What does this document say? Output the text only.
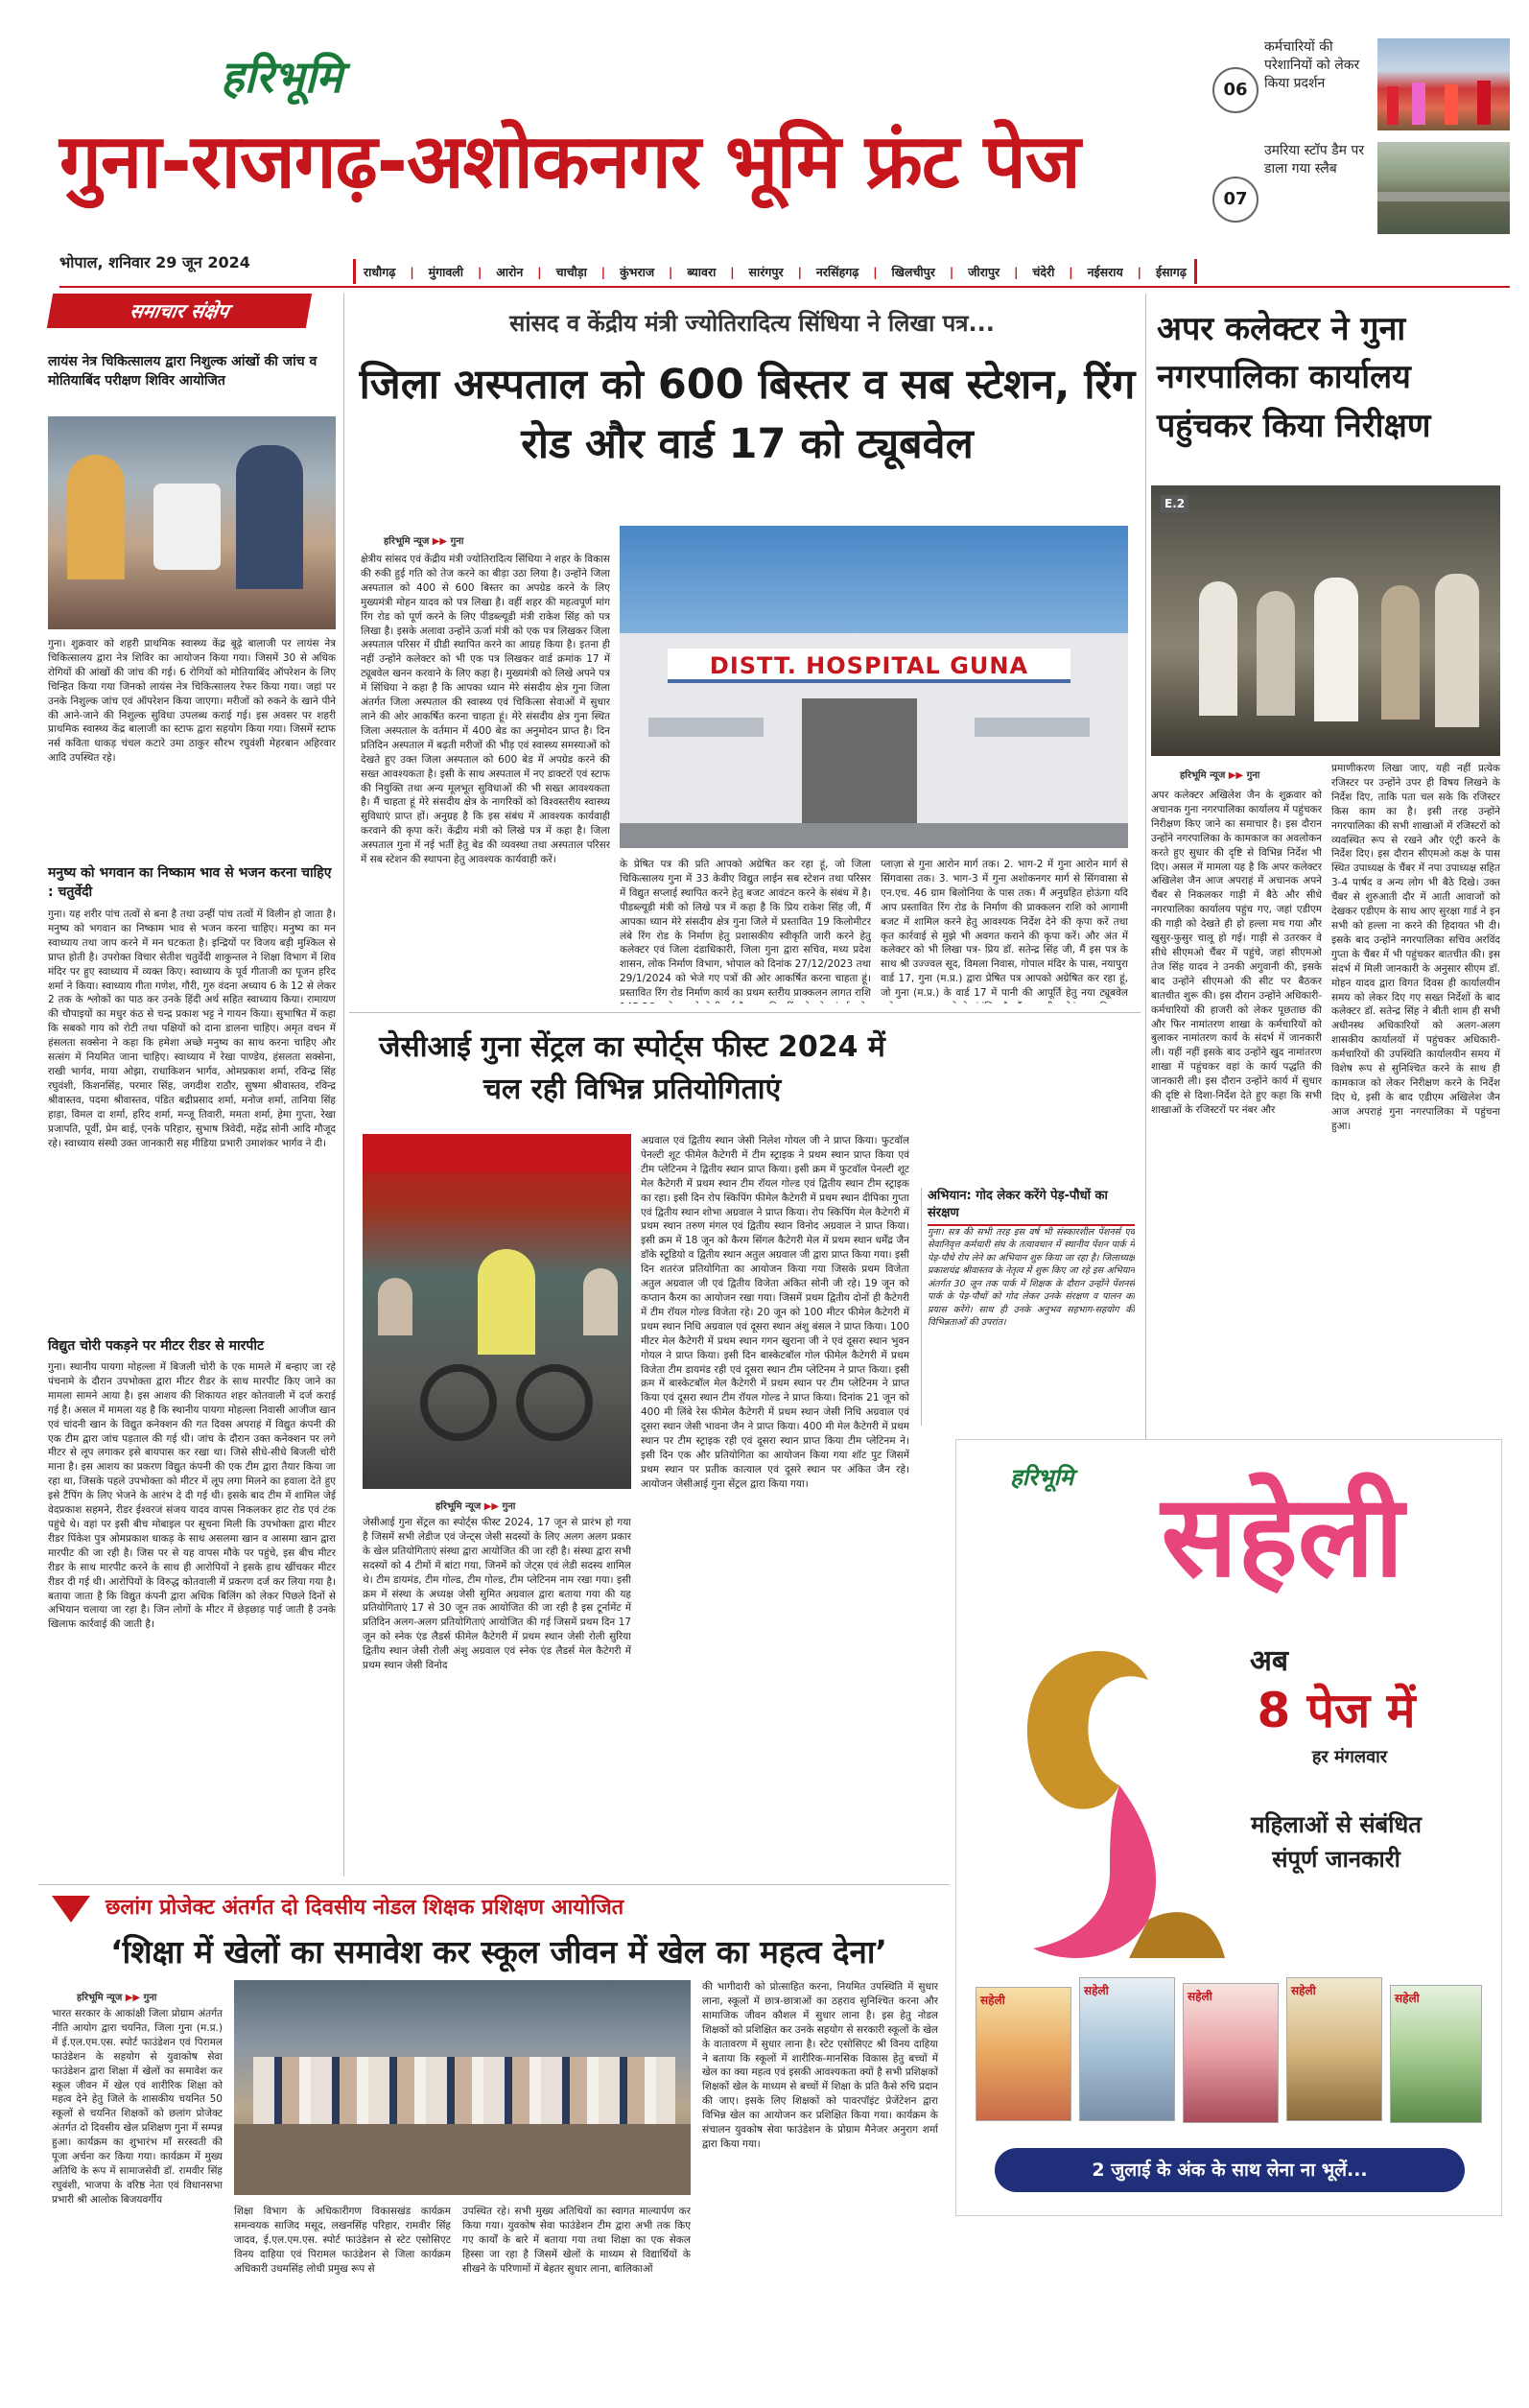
हरिभूमि
गुना-राजगढ़-अशोकनगर भूमि फ्रंट पेज
भोपाल, शनिवार 29 जून 2024
06
कर्मचारियों की परेशानियों को लेकर किया प्रदर्शन
07
उमरिया स्टॉप डैम पर डाला गया स्लैब
राधौगढ़ | मुंगावली | आरोन | चाचौड़ा | कुंभराज | ब्यावरा | सारंगपुर | नरसिंहगढ़ | खिलचीपुर | जीरापुर | चंदेरी | नईसराय | ईसागढ़
समाचार संक्षेप
लायंस नेत्र चिकित्सालय द्वारा निशुल्क आंखों की जांच व मोतियाबिंद परीक्षण शिविर आयोजित
गुना। शुक्रवार को शहरी प्राथमिक स्वास्थ्य केंद्र बूढ़े बालाजी पर लायंस नेत्र चिकित्सालय द्वारा नेत्र शिविर का आयोजन किया गया। जिसमें 30 से अधिक रोगियों की आंखों की जांच की गई। 6 रोगियों को मोतियाबिंद ऑपरेशन के लिए चिन्हित किया गया जिनको लायंस नेत्र चिकित्सालय रेफर किया गया। जहां पर उनके निशुल्क जांच एवं ऑपरेशन किया जाएगा। मरीजों को रुकने के खाने पीने की आने-जाने की निशुल्क सुविधा उपलब्ध कराई गई। इस अवसर पर शहरी प्राथमिक स्वास्थ्य केंद्र बालाजी का स्टाफ द्वारा सहयोग किया गया। जिसमें स्टाफ नर्स कविता धाकड़ चंचल कटारे उमा ठाकुर सौरभ रघुवंशी मेहरबान अहिरवार आदि उपस्थित रहे।
मनुष्य को भगवान का निष्काम भाव से भजन करना चाहिए : चतुर्वेदी
गुना। यह शरीर पांच तत्वों से बना है तथा उन्हीं पांच तत्वों में विलीन हो जाता है। मनुष्य को भगवान का निष्काम भाव से भजन करना चाहिए। मनुष्य का मन स्वाध्याय तथा जाप करने में मन घटकता है। इन्द्रियों पर विजय बड़ी मुश्किल से प्राप्त होती है। उपरोक्त विचार सेतीश चतुर्वेदी शाकुन्तल ने शिक्षा विभाग में शिव मंदिर पर हुए स्वाध्याय में व्यक्त किए। स्वाध्याय के पूर्व गीताजी का पूजन हरिद शर्मा ने किया। स्वाध्याय गीता गणेश, गौरी, गुरु वंदना अध्याय 6 के 12 से लेकर 2 तक के श्लोकों का पाठ कर उनके हिंदी अर्थ सहित स्वाध्याय किया। रामायण की चौपाइयों का मधुर कंठ से चन्द्र प्रकाश भट्ट ने गायन किया। सुभाषित में कहा कि सबको गाय को रोटी तथा पक्षियों को दाना डालना चाहिए। अमृत वचन में हंसलता सक्सेना ने कहा कि हमेशा अच्छे मनुष्य का साथ करना चाहिए और सत्संग में नियमित जाना चाहिए। स्वाध्याय में रेखा पाण्डेय, हंसलता सक्सेना, राखी भार्गव, माया ओझा, राधाकिशन भार्गव, ओमप्रकाश शर्मा, रविन्द्र सिंह रघुवंशी, किशनसिंह, परमार सिंह, जगदीश राठौर, सुषमा श्रीवास्तव, रविन्द्र श्रीवास्तव, पदमा श्रीवास्तव, पंडित बद्रीप्रसाद शर्मा, मनोज शर्मा, तानिया सिंह हाड़ा, विमल दा शर्मा, हरिद शर्मा, मन्जू तिवारी, ममता शर्मा, हेमा गुप्ता, रेखा प्रजापति, पूर्वी, प्रेम बाई, एनके परिहार, सुभाष त्रिवेदी, महेंद्र सोनी आदि मौजूद रहे। स्वाध्याय संस्थी उक्त जानकारी सह मीडिया प्रभारी उमाशंकर भार्गव ने दी।
विद्युत चोरी पकड़ने पर मीटर रीडर से मारपीट
गुना। स्थानीय पायगा मोहल्ला में बिजली चोरी के एक मामले में बन्हाए जा रहे पंचनामे के दौरान उपभोक्ता द्वारा मीटर रीडर के साथ मारपीट किए जाने का मामला सामने आया है। इस आशय की शिकायत शहर कोतवाली में दर्ज कराई गई है। असल में मामला यह है कि स्थानीय पायगा मोहल्ला निवासी आजीज खान एवं चांदनी खान के विद्युत कनेक्शन की गत दिवस अपराहं में विद्युत कंपनी की एक टीम द्वारा जांच पड़ताल की गई थी। जांच के दौरान उक्त कनेक्शन पर लगे मीटर से लूप लगाकर इसे बायपास कर रखा था। जिसे सीधे-सीधे बिजली चोरी माना है। इस आशय का प्रकरण विद्युत कंपनी की एक टीम द्वारा तैयार किया जा रहा था, जिसके पहले उपभोक्ता को मीटर में लूप लगा मिलने का हवाला देते हुए इसे टैंपिंग के लिए भेजने के आरंभ दे दी गई थी। इसके बाद टीम में शामिल जेई वेदप्रकाश सहमने, रीडर ईश्वरजं संजय यादव वापस निकलकर हाट रोड एवं टंक पहुंचे थे। वहां पर इसी बीच मोबाइल पर सूचना मिली कि उपभोक्ता द्वारा मीटर रीडर पिंकेश पुत्र ओमप्रकाश धाकड़ के साथ असलमा खान व आसमा खान द्वारा मारपीट की जा रही है। जिस पर से यह वापस मौके पर पहुंचे, इस बीच मीटर रीडर के साथ मारपीट करने के साथ ही आरोपियों ने इसके हाथ खींचकर मीटर रीडर दी गई थी। आरोपियों के विरुद्ध कोतवाली में प्रकरण दर्ज कर लिया गया है। बताया जाता है कि विद्युत कंपनी द्वारा अधिक बिलिंग को लेकर पिछले दिनों से अभियान चलाया जा रहा है। जिन लोगों के मीटर में छेड़छाड़ पाई जाती है उनके खिलाफ कार्रवाई की जाती है।
सांसद व केंद्रीय मंत्री ज्योतिरादित्य सिंधिया ने लिखा पत्र...
जिला अस्पताल को 600 बिस्तर व सब स्टेशन, रिंग रोड और वार्ड 17 को ट्यूबवेल
हरिभूमि न्यूज ▶▶ गुना
क्षेत्रीय सांसद एवं केंद्रीय मंत्री ज्योतिरादित्य सिंधिया ने शहर के विकास की रुकी हुई गति को तेज करने का बीड़ा उठा लिया है। उन्होंने जिला अस्पताल को 400 से 600 बिस्तर का अपग्रेड करने के लिए मुख्यमंत्री मोहन यादव को पत्र लिखा है। वहीं शहर की महत्वपूर्ण मांग रिंग रोड को पूर्ण करने के लिए पीडब्ल्यूडी मंत्री राकेश सिंह को पत्र लिखा है। इसके अलावा उन्होंने ऊर्जा मंत्री को एक पत्र लिखकर जिला अस्पताल परिसर में ग्रीडी स्थापित करने का आग्रह किया है। इतना ही नहीं उन्होंने कलेक्टर को भी एक पत्र लिखकर वार्ड क्रमांक 17 में ट्यूबवेल खनन करवाने के लिए कहा है। मुख्यमंत्री को लिखे अपने पत्र में सिंधिया ने कहा है कि आपका ध्यान मेरे संसदीय क्षेत्र गुना जिला अंतर्गत जिला अस्पताल की स्वास्थ्य एवं चिकित्सा सेवाओं में सुधार लाने की ओर आकर्षित करना चाहता हूं। मेरे संसदीय क्षेत्र गुना स्थित जिला अस्पताल के वर्तमान में 400 बेड का अनुमोदन प्राप्त है। दिन प्रतिदिन अस्पताल में बढ़ती मरीजों की भीड़ एवं स्वास्थ्य समस्याओं को देखते हुए उक्त जिला अस्पताल को 600 बेड में अपग्रेड करने की सख्त आवश्यकता है। इसी के साथ अस्पताल में नए डाक्टरों एवं स्टाफ की नियुक्ति तथा अन्य मूलभूत सुविधाओं की भी सख्त आवश्यकता है। मैं चाहता हूं मेरे संसदीय क्षेत्र के नागरिकों को विश्वस्तरीय स्वास्थ्य सुविधाएं प्राप्त हों। अनुग्रह है कि इस संबंध में आवश्यक कार्यवाही करवाने की कृपा करें। केंद्रीय मंत्री को लिखे पत्र में कहा है। जिला अस्पताल गुना में नई भर्ती हेतु बेड की व्यवस्था तथा अस्पताल परिसर में सब स्टेशन की स्थापना हेतु आवश्यक कार्यवाही करें।
DISTT. HOSPITAL GUNA
के प्रेषित पत्र की प्रति आपको अग्रेषित कर रहा हूं, जो जिला चिकित्सालय गुना में 33 केवीए विद्युत लाईन सब स्टेशन तथा परिसर में विद्युत सप्लाई स्थापित करने हेतु बजट आवंटन करने के संबंध में है। पीडब्ल्यूडी मंत्री को लिखे पत्र में कहा है कि प्रिय राकेश सिंह जी, मैं आपका ध्यान मेरे संसदीय क्षेत्र गुना जिले में प्रस्तावित 19 किलोमीटर लंबे रिंग रोड के निर्माण हेतु प्रशासकीय स्वीकृति जारी करने हेतु कलेक्टर एवं जिला दंडाधिकारी, जिला गुना द्वारा सचिव, मध्य प्रदेश शासन, लोक निर्माण विभाग, भोपाल को दिनांक 27/12/2023 तथा 29/1/2024 को भेजे गए पत्रों की ओर आकर्षित करना चाहता हूं। प्रस्तावित रिंग रोड निर्माण कार्य का प्रथम स्तरीय प्राक्कलन लागत राशि
प्लाज़ा से गुना आरोन मार्ग तक। 2. भाग-2 में गुना आरोन मार्ग से सिंगवासा तक। 3. भाग-3 में गुना अशोकनगर मार्ग से सिंगवासा से एन.एच. 46 ग्राम बिलोनिया के पास तक। मैं अनुग्रहित होऊंगा यदि आप प्रस्तावित रिंग रोड के निर्माण की प्राक्कलन राशि को आगामी बजट में शामिल करने हेतु आवश्यक निर्देश देने की कृपा करें तथा कृत कार्रवाई से मुझे भी अवगत कराने की कृपा करें। और अंत में कलेक्टर को भी लिखा पत्र- प्रिय डॉ. सतेन्द्र सिंह जी, मैं इस पत्र के साथ श्री उज्ज्वल सूद, विमला निवास, गोपाल मंदिर के पास, नयापुरा वार्ड 17, गुना (म.प्र.) द्वारा प्रेषित पत्र आपको अग्रेषित कर रहा हूं, जो गुना (म.प्र.) के वार्ड 17 में पानी की आपूर्ति हेतु नया ट्यूबवेल
अपर कलेक्टर ने गुना नगरपालिका कार्यालय पहुंचकर किया निरीक्षण
E.2
हरिभूमि न्यूज ▶▶ गुना
अपर कलेक्टर अखिलेश जैन के शुक्रवार को अचानक गुना नगरपालिका कार्यालय में पहुंचकर निरीक्षण किए जाने का समाचार है। इस दौरान उन्होंने नगरपालिका के कामकाज का अवलोकन करते हुए सुधार की दृष्टि से विभिन्न निर्देश भी दिए। असल में मामला यह है कि अपर कलेक्टर अखिलेश जैन आज अपराहं में अचानक अपने चैंबर से निकलकर गाड़ी में बैठे और सीधे नगरपालिका कार्यालय पहुंच गए, जहां एडीएम की गाड़ी को देखते ही हो हल्ला मच गया और खुसुर-फुसुर चालू हो गई। गाड़ी से उतरकर वे सीधे सीएमओ चैंबर में पहुंचे, जहां सीएमओ तेज सिंह यादव ने उनकी अगुवानी की, इसके बाद उन्होंने सीएमओ की सीट पर बैठकर बातचीत शुरू की। इस दौरान उन्होंने अधिकारी-कर्मचारियों की हाजरी को लेकर पूछताछ की और फिर नामांतरण शाखा के कर्मचारियों को बुलाकर नामांतरण कार्य के संदर्भ में जानकारी ली। यहीं नहीं इसके बाद उन्होंने खुद नामांतरण शाखा में पहुंचकर वहां के कार्य पद्धति की जानकारी ली। इस दौरान उन्होंने कार्य में सुधार की दृष्टि से दिशा-निर्देश देते हुए कहा कि सभी शाखाओं के रजिस्टरों पर नंबर और
प्रमाणीकरण लिखा जाए, यही नहीं प्रत्येक रजिस्टर पर उन्होंने उपर ही विषय लिखने के निर्देश दिए, ताकि पता चल सके कि रजिस्टर किस काम का है। इसी तरह उन्होंने नगरपालिका की सभी शाखाओं में रजिस्टरों को व्यवस्थित रूप से रखने और एंट्री करने के निर्देश दिए। इस दौरान सीएमओ कक्ष के पास स्थित उपाध्यक्ष के चैंबर में नपा उपाध्यक्ष सहित 3-4 पार्षद व अन्य लोग भी बैठे दिखे। उक्त चैंबर से शुरुआती दौर में आती आवाजों को देखकर एडीएम के साथ आए सुरक्षा गार्ड ने इन सभी को हल्ला ना करने की हिदायत भी दी। इसके बाद उन्होंने नगरपालिका सचिव अरविंद गुप्ता के चैंबर में भी पहुंचकर बातचीत की। इस संदर्भ में मिली जानकारी के अनुसार सीएम डॉ. मोहन यादव द्वारा विगत दिवस ही कार्यालयीन समय को लेकर दिए गए सख्त निर्देशों के बाद कलेक्टर डॉ. सतेन्द्र सिंह ने बीती शाम ही सभी अधीनस्थ अधिकारियों को अलग-अलग शासकीय कार्यालयों में पहुंचकर अधिकारी-कर्मचारियों की उपस्थिति कार्यालयीन समय में विशेष रूप से सुनिश्चित करने के साथ ही कामकाज को लेकर निरीक्षण करने के निर्देश दिए थे, इसी के बाद एडीएम अखिलेश जैन आज अपराहं गुना नगरपालिका में पहुंचना हुआ।
जेसीआई गुना सेंट्रल का स्पोर्ट्स फीस्ट 2024 में चल रही विभिन्न प्रतियोगिताएं
हरिभूमि न्यूज ▶▶ गुना
जेसीआई गुना सेंट्रल का स्पोर्ट्स फीस्ट 2024, 17 जून से प्रारंभ हो गया है जिसमें सभी लेडीज एवं जेन्ट्स जेसी सदस्यों के लिए अलग अलग प्रकार के खेल प्रतियोगिताएं संस्था द्वारा आयोजित की जा रही है। संस्था द्वारा सभी सदस्यों को 4 टीमों में बांटा गया, जिनमें को जेट्स एवं लेडी सदस्य शामिल थे। टीम डायमंड, टीम गोल्ड, टीम गोल्ड, टीम प्लेटिनम नाम रखा गया। इसी क्रम में संस्था के अध्यक्ष जेसी सुमित अग्रवाल द्वारा बताया गया की यह प्रतियोगिताएं 17 से 30 जून तक आयोजित की जा रही है इस टूर्नामेंट में प्रतिदिन अलग-अलग प्रतियोगिताएं आयोजित की गई जिसमें प्रथम दिन 17 जून को स्नेक एंड लैडर्स फीमेल कैटेगरी में प्रथम स्थान जेसी रोली सुरिया द्वितीय स्थान जेसी रोली अंशु अग्रवाल एवं स्नेक एंड लैडर्स मेल कैटेगरी में प्रथम स्थान जेसी विनोद
अग्रवाल एवं द्वितीय स्थान जेसी निलेश गोयल जी ने प्राप्त किया। फुटवॉल पेनल्टी शूट फीमेल कैटेगरी में टीम स्ट्राइक ने प्रथम स्थान प्राप्त किया एवं टीम प्लेटिनम ने द्वितीय स्थान प्राप्त किया। इसी क्रम में फुटवॉल पेनल्टी शूट मेल कैटेगरी में प्रथम स्थान टीम रॉयल गोल्ड एवं द्वितीय स्थान टीम स्ट्राइक का रहा। इसी दिन रोप स्किपिंग फीमेल कैटेगरी में प्रथम स्थान दीपिका गुप्ता एवं द्वितीय स्थान शोभा अग्रवाल ने प्राप्त किया। रोप स्किपिंग मेल कैटेगरी में प्रथम स्थान तरुण मंगल एवं द्वितीय स्थान विनोद अग्रवाल ने प्राप्त किया। इसी क्रम में 18 जून को कैरम सिंगल कैटेगरी मेल में प्रथम स्थान धर्मेंद्र जैन डॉके स्टूडियो व द्वितीय स्थान अतुल अग्रवाल जी द्वारा प्राप्त किया गया। इसी दिन शतरंज प्रतियोगिता का आयोजन किया गया जिसके प्रथम विजेता अतुल अग्रवाल जी एवं द्वितीय विजेता अंकित सोनी जी रहे। 19 जून को कप्तान कैरम का आयोजन रखा गया। जिसमें प्रथम द्वितीय दोनों ही कैटेगरी में टीम रॉयल गोल्ड विजेता रहे। 20 जून को 100 मीटर फीमेल कैटेगरी में प्रथम स्थान निधि अग्रवाल एवं दूसरा स्थान अंशु बंसल ने प्राप्त किया। 100 मीटर मेल कैटेगरी में प्रथम स्थान गगन खुराना जी ने एवं दूसरा स्थान भुवन गोयल ने प्राप्त किया। इसी दिन बास्केटबॉल गोल फीमेल कैटेगरी में प्रथम विजेता टीम डायमंड रही एवं दूसरा स्थान टीम प्लेटिनम ने प्राप्त किया। इसी क्रम में बास्केटबॉल मेल कैटेगरी में प्रथम स्थान पर टीम प्लेटिनम ने प्राप्त किया एवं दूसरा स्थान टीम रॉयल गोल्ड ने प्राप्त किया। दिनांक 21 जून को 400 मी लिंबे रेस फीमेल कैटेगरी में प्रथम स्थान जेसी निधि अग्रवाल एवं दूसरा स्थान जेसी भावना जैन ने प्राप्त किया। 400 मी मेल कैटेगरी में प्रथम स्थान पर टीम स्ट्राइक रही एवं दूसरा स्थान प्राप्त किया टीम प्लेटिनम ने। इसी दिन एक और प्रतियोगिता का आयोजन किया गया शॉट पुट जिसमें प्रथम स्थान पर प्रतीक कात्याल एवं दूसरे स्थान पर अंकित जैन रहे। आयोजन जेसीआई गुना सेंट्रल द्वारा किया गया।
अभियान: गोद लेकर करेंगे पेड़-पौधों का संरक्षण
गुना। सत्र की सभी तरह इस वर्ष भी संस्कारशील पेंशनर्स एवं सेवानिवृत्त कर्मचारी संघ के तत्वावधान में स्थानीय पेंशन पार्क में पेड़-पौधे रोप लेने का अभियान शुरु किया जा रहा है। जिलाध्यक्ष प्रकाशचंद्र श्रीवास्तव के नेतृत्व में शुरू किए जा रहे इस अभियान अंतर्गत 30 जून तक पार्क में शिक्षक के दौरान उन्होंने पेंशनर्स पार्क के पेड़-पौधों को गोद लेकर उनके संरक्षण व पालन का प्रयास करेंगे। साथ ही उनके अनुभव सहभाग-सहयोग की विभिन्नताओं की उपरांत।
हरिभूमि सहेली
अब
8 पेज में
हर मंगलवार
महिलाओं से संबंधित
संपूर्ण जानकारी
सहेली
सहेली	सहेली	सहेली
सहेली
2 जुलाई के अंक के साथ लेना ना भूलें...
छलांग प्रोजेक्ट अंतर्गत दो दिवसीय नोडल शिक्षक प्रशिक्षण आयोजित
‘शिक्षा में खेलों का समावेश कर स्कूल जीवन में खेल का महत्व देना’
हरिभूमि न्यूज ▶▶ गुना
भारत सरकार के आकांक्षी जिला प्रोग्राम अंतर्गत नीति आयोग द्वारा चयनित, जिला गुना (म.प्र.) में ई.एल.एम.एस. स्पोर्ट फाउंडेशन एवं पिरामल फाउंडेशन के सहयोग से युवाकोष सेवा फाउंडेशन द्वारा शिक्षा में खेलों का समावेश कर स्कूल जीवन में खेल एवं शारीरिक शिक्षा को महत्व देने हेतु जिले के शासकीय चयनित 50 स्कूलों से चयनित शिक्षकों को छलांग प्रोजेक्ट अंतर्गत दो दिवसीय खेल प्रशिक्षण गुना में सम्पन्न हुआ। कार्यक्रम का शुभारंभ माँ सरस्वती की पूजा अर्चना कर किया गया। कार्यक्रम में मुख्य अतिथि के रूप में सामाजसेवी डॉ. रामवीर सिंह रघुवंशी, भाजपा के वरिष्ठ नेता एवं विधानसभा प्रभारी श्री आलोक बिजयवर्गीय
शिक्षा विभाग के अधिकारीगण विकासखंड कार्यक्रम समन्वयक साजिद मसूद, लखनसिंह परिहार, रामवीर सिंह जादव, ई.एल.एम.एस. स्पोर्ट फाउंडेशन से स्टेट एसोसिएट विनय दाहिया एवं पिरामल फाउंडेशन से जिला कार्यक्रम अधिकारी उधमसिंह लोधी प्रमुख रूप से
उपस्थित रहे। सभी मुख्य अतिथियों का स्वागत माल्यार्पण कर किया गया। युवकोष सेवा फाउंडेशन टीम द्वारा अभी तक किए गए कार्यों के बारे में बताया गया तथा शिक्षा का एक सेकल हिस्सा जा रहा है जिसमें खेलों के माध्यम से विद्यार्थियों के सीखने के परिणामों में बेहतर सुधार लाना, बालिकाओं
की भागीदारी को प्रोत्साहित करना, नियमित उपस्थिति में सुधार लाना, स्कूलों में छात्र-छात्राओं का ठहराव सुनिश्चित करना और सामाजिक जीवन कौशल में सुधार लाना है। इस हेतु नोडल शिक्षकों को प्रशिक्षित कर उनके सहयोग से सरकारी स्कूलों के खेल के वातावरण में सुधार लाना है। स्टेट एसोसिएट श्री विनय दाहिया ने बताया कि स्कूलों में शारीरिक-मानसिक विकास हेतु बच्चों में खेल का क्या महत्व एवं इसकी आवश्यकता क्यों है सभी प्रशिक्षकों शिक्षकों खेल के माध्यम से बच्चों में शिक्षा के प्रति कैसे रुचि प्रदान की जाए। इसके लिए शिक्षकों को पावरपॉइंट प्रेजेंटेशन द्वारा विभिन्न खेल का आयोजन कर प्रशिक्षित किया गया। कार्यक्रम के संचालन युवकोष सेवा फाउंडेशन के प्रोग्राम मैनेजर अनुराग शर्मा द्वारा किया गया।
